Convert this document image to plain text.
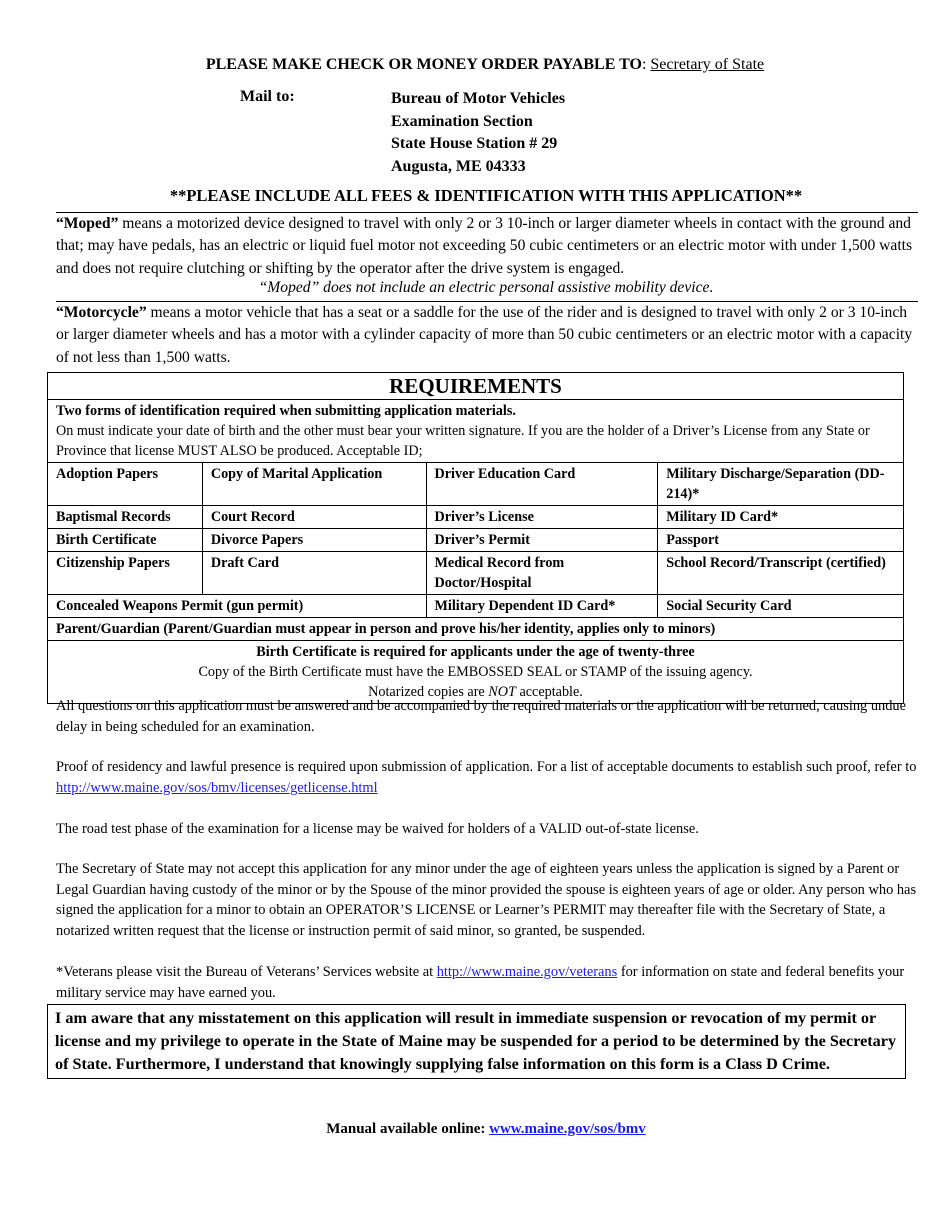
PLEASE MAKE CHECK OR MONEY ORDER PAYABLE TO: Secretary of State
Mail to:	Bureau of Motor Vehicles
Examination Section
State House Station # 29
Augusta, ME 04333
**PLEASE INCLUDE ALL FEES & IDENTIFICATION WITH THIS APPLICATION**
“Moped” means a motorized device designed to travel with only 2 or 3 10-inch or larger diameter wheels in contact with the ground and that; may have pedals, has an electric or liquid fuel motor not exceeding 50 cubic centimeters or an electric motor with under 1,500 watts and does not require clutching or shifting by the operator after the drive system is engaged.
“Moped” does not include an electric personal assistive mobility device.
“Motorcycle” means a motor vehicle that has a seat or a saddle for the use of the rider and is designed to travel with only 2 or 3 10-inch or larger diameter wheels and has a motor with a cylinder capacity of more than 50 cubic centimeters or an electric motor with a capacity of not less than 1,500 watts.
REQUIREMENTS			

Two forms of identification required when submitting application materials.
On must indicate your date of birth and the other must bear your written signature. If you are the holder of a Driver’s License from any State or Province that license MUST ALSO be produced. Acceptable ID;			

Adoption Papers	Copy of Marital Application	Driver Education Card	Military Discharge/Separation (DD-214)*
Baptismal Records	Court Record	Driver’s License	Military ID Card*
Birth Certificate	Divorce Papers	Driver’s Permit	Passport
Citizenship Papers	Draft Card	Medical Record from Doctor/Hospital	School Record/Transcript (certified)
Concealed Weapons Permit (gun permit)		Military Dependent ID Card*	Social Security Card
Parent/Guardian (Parent/Guardian must appear in person and prove his/her identity, applies only to minors)			

Birth Certificate is required for applicants under the age of twenty-three
Copy of the Birth Certificate must have the EMBOSSED SEAL or STAMP of the issuing agency.
Notarized copies are NOT acceptable.			
All questions on this application must be answered and be accompanied by the required materials or the application will be returned, causing undue delay in being scheduled for an examination.
Proof of residency and lawful presence is required upon submission of application. For a list of acceptable documents to establish such proof, refer to http://www.maine.gov/sos/bmv/licenses/getlicense.html
The road test phase of the examination for a license may be waived for holders of a VALID out-of-state license.
The Secretary of State may not accept this application for any minor under the age of eighteen years unless the application is signed by a Parent or Legal Guardian having custody of the minor or by the Spouse of the minor provided the spouse is eighteen years of age or older. Any person who has signed the application for a minor to obtain an OPERATOR’S LICENSE or Learner’s PERMIT may thereafter file with the Secretary of State, a notarized written request that the license or instruction permit of said minor, so granted, be suspended.
*Veterans please visit the Bureau of Veterans’ Services website at http://www.maine.gov/veterans for information on state and federal benefits your military service may have earned you.
I am aware that any misstatement on this application will result in immediate suspension or revocation of my permit or license and my privilege to operate in the State of Maine may be suspended for a period to be determined by the Secretary of State. Furthermore, I understand that knowingly supplying false information on this form is a Class D Crime.
Manual available online: www.maine.gov/sos/bmv
